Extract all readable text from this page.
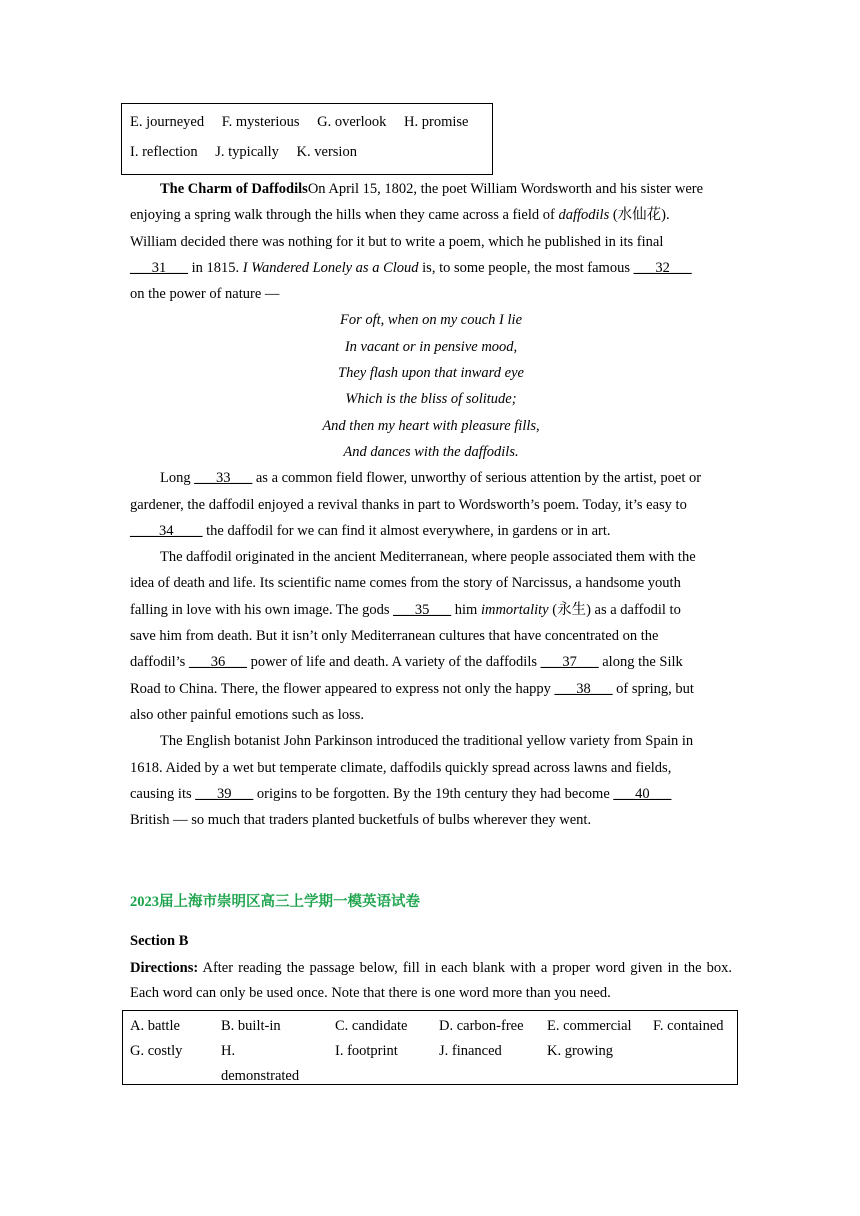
E. journeyed F. mysterious G. overlook H. promise
I. reflection J. typically K. version
The Charm of DaffodilsOn April 15, 1802, the poet William Wordsworth and his sister were
enjoying a spring walk through the hills when they came across a field of daffodils (水仙花).
William decided there was nothing for it but to write a poem, which he published in its final
___31___ in 1815. I Wandered Lonely as a Cloud is, to some people, the most famous ___32___
on the power of nature —
For oft, when on my couch I lie
In vacant or in pensive mood,
They flash upon that inward eye
Which is the bliss of solitude;
And then my heart with pleasure fills,
And dances with the daffodils.
Long ___33___ as a common field flower, unworthy of serious attention by the artist, poet or
gardener, the daffodil enjoyed a revival thanks in part to Wordsworth’s poem. Today, it’s easy to
____34____ the daffodil for we can find it almost everywhere, in gardens or in art.
The daffodil originated in the ancient Mediterranean, where people associated them with the
idea of death and life. Its scientific name comes from the story of Narcissus, a handsome youth
falling in love with his own image. The gods ___35___ him immortality (永生) as a daffodil to
save him from death. But it isn’t only Mediterranean cultures that have concentrated on the
daffodil’s ___36___ power of life and death. A variety of the daffodils ___37___ along the Silk
Road to China. There, the flower appeared to express not only the happy ___38___ of spring, but
also other painful emotions such as loss.
The English botanist John Parkinson introduced the traditional yellow variety from Spain in
1618. Aided by a wet but temperate climate, daffodils quickly spread across lawns and fields,
causing its ___39___ origins to be forgotten. By the 19th century they had become ___40___
British — so much that traders planted bucketfuls of bulbs wherever they went.
2023届上海市崇明区高三上学期一模英语试卷
Section B
Directions: After reading the passage below, fill in each blank with a proper word given in the box. Each word can only be used once. Note that there is one word more than you need.
A. battle	B. built-in	C. candidate D. carbon-free E. commercial F. contained
G. costly	H.	I. footprint	J. financed	K. growing
demonstrated
